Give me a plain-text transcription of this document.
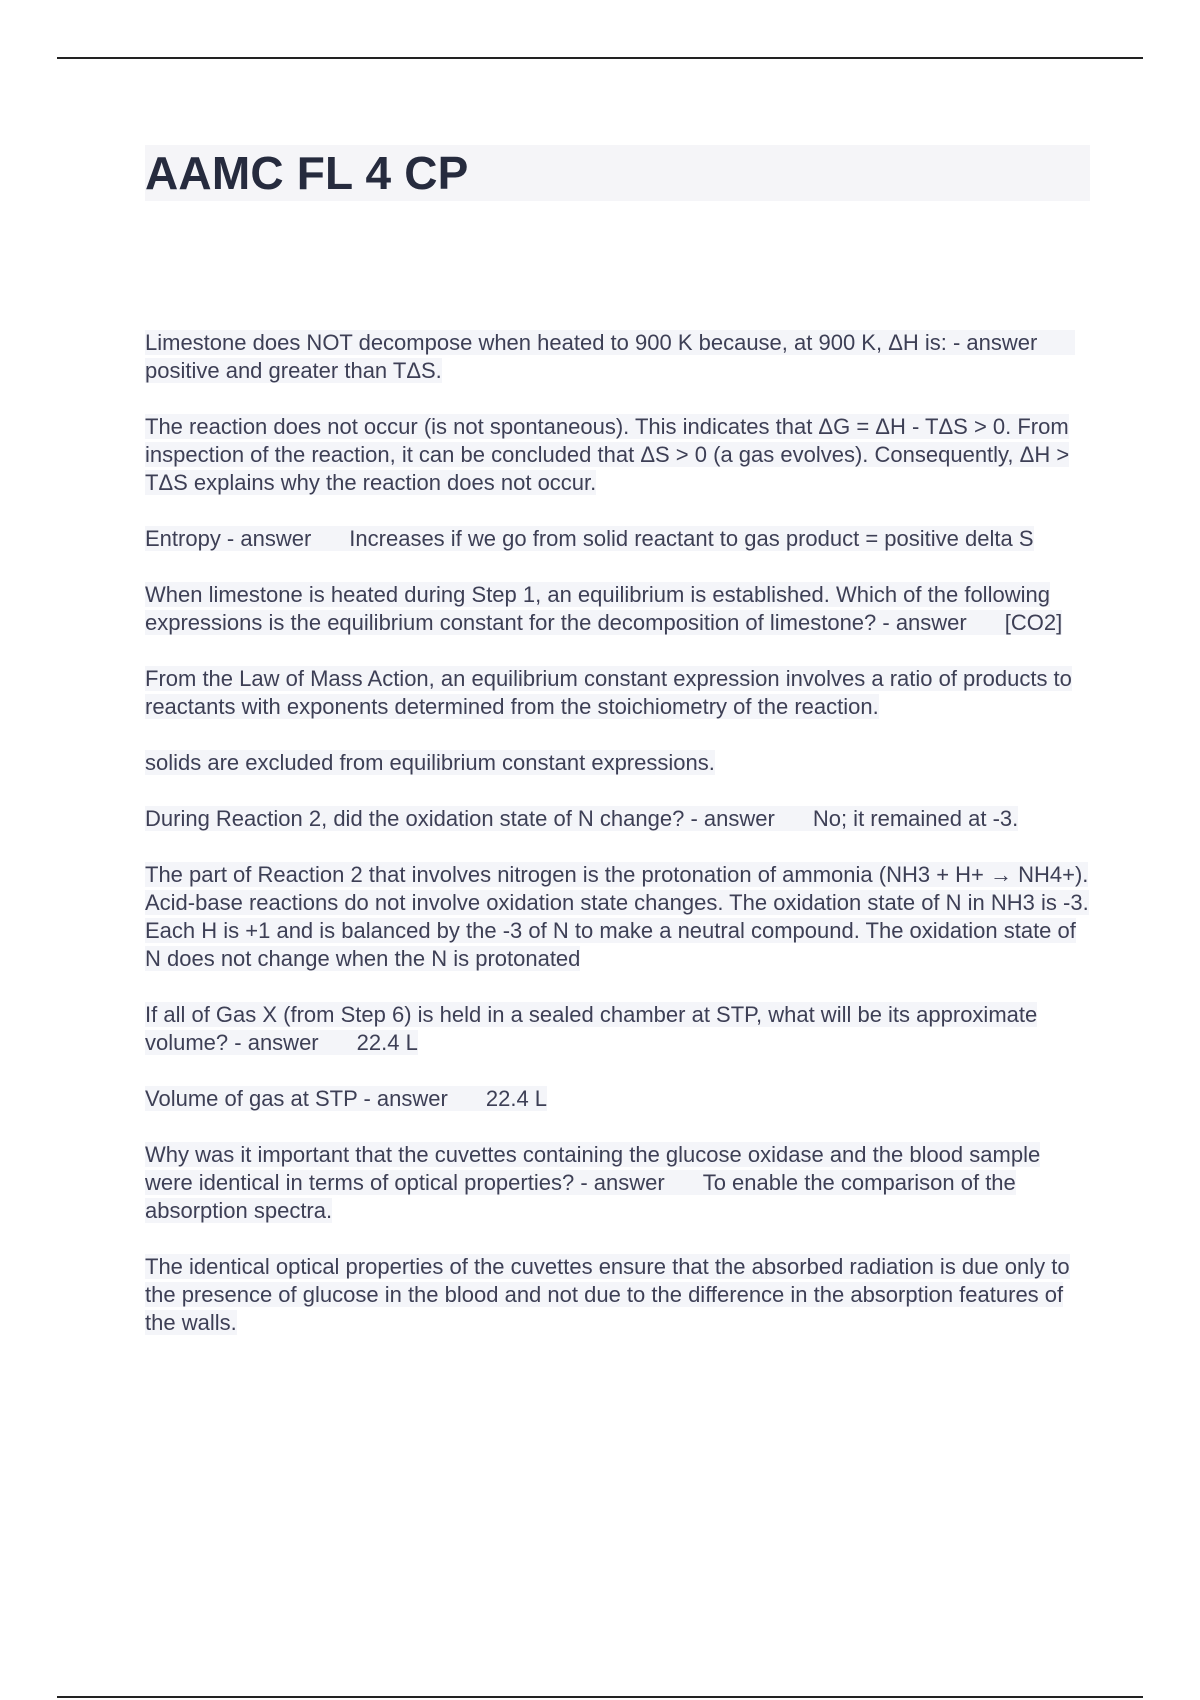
AAMC FL 4 CP

Limestone does NOT decompose when heated to 900 K because, at 900 K, ΔH is: - answerpositive and greater than TΔS.

The reaction does not occur (is not spontaneous). This indicates that ΔG = ΔH - TΔS > 0. From inspection of the reaction, it can be concluded that ΔS > 0 (a gas evolves). Consequently, ΔH > TΔS explains why the reaction does not occur.

Entropy - answer Increases if we go from solid reactant to gas product = positive delta S

When limestone is heated during Step 1, an equilibrium is established. Which of the following expressions is the equilibrium constant for the decomposition of limestone? - answer [CO2]

From the Law of Mass Action, an equilibrium constant expression involves a ratio of products to reactants with exponents determined from the stoichiometry of the reaction.

solids are excluded from equilibrium constant expressions.

During Reaction 2, did the oxidation state of N change? - answer No; it remained at -3.

The part of Reaction 2 that involves nitrogen is the protonation of ammonia (NH3 + H+ → NH4+). Acid-base reactions do not involve oxidation state changes. The oxidation state of N in NH3 is -3. Each H is +1 and is balanced by the -3 of N to make a neutral compound. The oxidation state of N does not change when the N is protonated

If all of Gas X (from Step 6) is held in a sealed chamber at STP, what will be its approximate volume? - answer 22.4 L

Volume of gas at STP - answer 22.4 L

Why was it important that the cuvettes containing the glucose oxidase and the blood sample were identical in terms of optical properties? - answer To enable the comparison of the absorption spectra.

The identical optical properties of the cuvettes ensure that the absorbed radiation is due only to the presence of glucose in the blood and not due to the difference in the absorption features of the walls.
